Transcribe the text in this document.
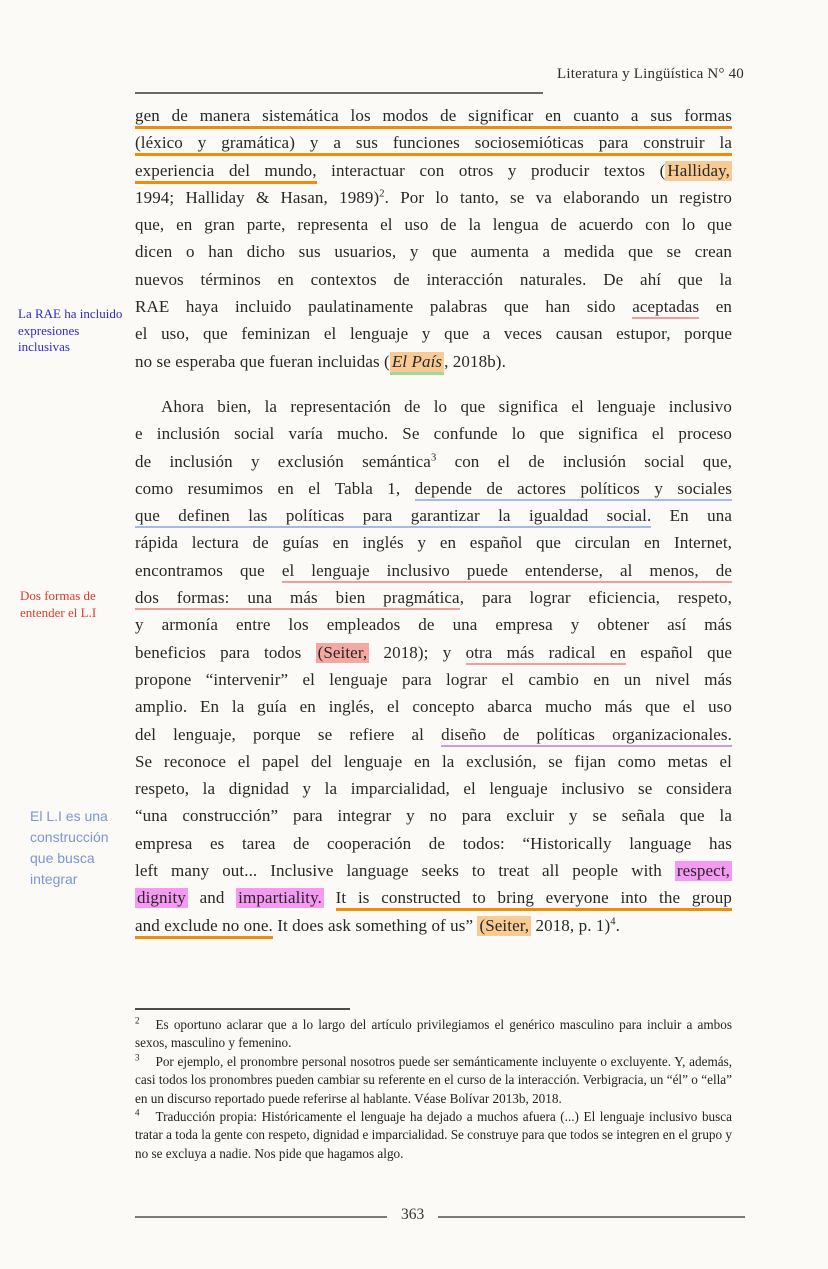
Literatura y Lingüística N° 40
La RAE ha incluido expresiones inclusivas
Dos formas de entender el L.I
El L.I es una construcción que busca integrar
gen de manera sistemática los modos de significar en cuanto a sus formas
(léxico y gramática) y a sus funciones sociosemióticas para construir la
experiencia del mundo, interactuar con otros y producir textos ( Halliday,
1994; Halliday & Hasan, 1989)$^2$. Por lo tanto, se va elaborando un registro
que, en gran parte, representa el uso de la lengua de acuerdo con lo que
dicen o han dicho sus usuarios, y que aumenta a medida que se crean
nuevos términos en contextos de interacción naturales. De ahí que la
RAE haya incluido paulatinamente palabras que han sido aceptadas en
el uso, que feminizan el lenguaje y que a veces causan estupor, porque
no se esperaba que fueran incluidas ( El País , 2018b).
Ahora bien, la representación de lo que significa el lenguaje inclusivo
e inclusión social varía mucho. Se confunde lo que significa el proceso
de inclusión y exclusión semántica$^3$ con el de inclusión social que,
como resumimos en el Tabla 1, depende de actores políticos y sociales
que definen las políticas para garantizar la igualdad social. En una
rápida lectura de guías en inglés y en español que circulan en Internet,
encontramos que el lenguaje inclusivo puede entenderse, al menos, de
dos formas: una más bien pragmática, para lograr eficiencia, respeto,
y armonía entre los empleados de una empresa y obtener así más
beneficios para todos (Seiter, 2018); y otra más radical en español que
propone “intervenir” el lenguaje para lograr el cambio en un nivel más
amplio. En la guía en inglés, el concepto abarca mucho más que el uso
del lenguaje, porque se refiere al diseño de políticas organizacionales.
Se reconoce el papel del lenguaje en la exclusión, se fijan como metas el
respeto, la dignidad y la imparcialidad, el lenguaje inclusivo se considera
“una construcción” para integrar y no para excluir y se señala que la
empresa es tarea de cooperación de todos: “Historically language has
left many out... Inclusive language seeks to treat all people with respect,
dignity and impartiality. It is constructed to bring everyone into the group
and exclude no one. It does ask something of us” (Seiter, 2018, p. 1)$^4$.
$^2$ Es oportuno aclarar que a lo largo del artículo privilegiamos el genérico masculino para incluir a ambos sexos, masculino y femenino.
$^3$ Por ejemplo, el pronombre personal nosotros puede ser semánticamente incluyente o excluyente. Y, además, casi todos los pronombres pueden cambiar su referente en el curso de la interacción. Verbigracia, un “él” o “ella” en un discurso reportado puede referirse al hablante. Véase Bolívar 2013b, 2018.
$^4$ Traducción propia: Históricamente el lenguaje ha dejado a muchos afuera (...) El lenguaje inclusivo busca tratar a toda la gente con respeto, dignidad e imparcialidad. Se construye para que todos se integren en el grupo y no se excluya a nadie. Nos pide que hagamos algo.
363
